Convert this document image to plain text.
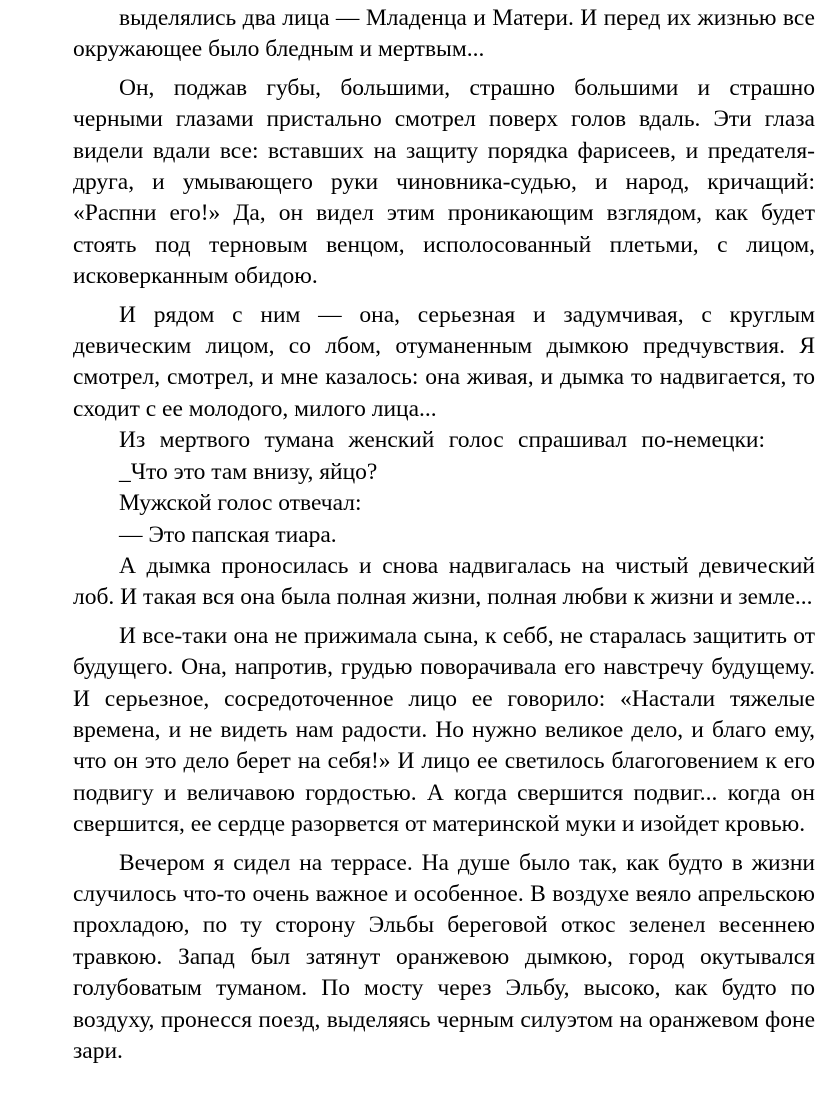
выделялись два лица — Младенца и Матери. И перед их жизнью все окружающее было бледным и мертвым...

Он, поджав губы, большими, страшно большими и страшно черными глазами пристально смотрел поверх голов вдаль. Эти глаза видели вдали все: вставших на защиту порядка фарисеев, и предателя-друга, и умывающего руки чиновника-судью, и народ, кричащий: «Распни его!» Да, он видел этим проникающим взглядом, как будет стоять под терновым венцом, исполосованный плетьми, с лицом, исковерканным обидою.

И рядом с ним — она, серьезная и задумчивая, с круглым девическим лицом, со лбом, отуманенным дымкою предчувствия. Я смотрел, смотрел, и мне казалось: она живая, и дымка то надвигается, то сходит с ее молодого, милого лица...

Из мертвого тумана женский голос спрашивал по-немецки: _Что это там внизу, яйцо?

Мужской голос отвечал:

— Это папская тиара.

А дымка проносилась и снова надвигалась на чистый девический лоб. И такая вся она была полная жизни, полная любви к жизни и земле...

И все-таки она не прижимала сына, к себб, не старалась защитить от будущего. Она, напротив, грудью поворачивала его навстречу будущему. И серьезное, сосредоточенное лицо ее говорило: «Настали тяжелые времена, и не видеть нам радости. Но нужно великое дело, и благо ему, что он это дело берет на себя!» И лицо ее светилось благоговением к его подвигу и величавою гордостью. А когда свершится подвиг... когда он свершится, ее сердце разорвется от материнской муки и изойдет кровью.

Вечером я сидел на террасе. На душе было так, как будто в жизни случилось что-то очень важное и особенное. В воздухе веяло апрельскою прохладою, по ту сторону Эльбы береговой откос зеленел весеннею травкою. Запад был затянут оранжевою дымкою, город окутывался голубоватым туманом. По мосту через Эльбу, высоко, как будто по воздуху, пронесся поезд, выделяясь черным силуэтом на оранжевом фоне зари.
